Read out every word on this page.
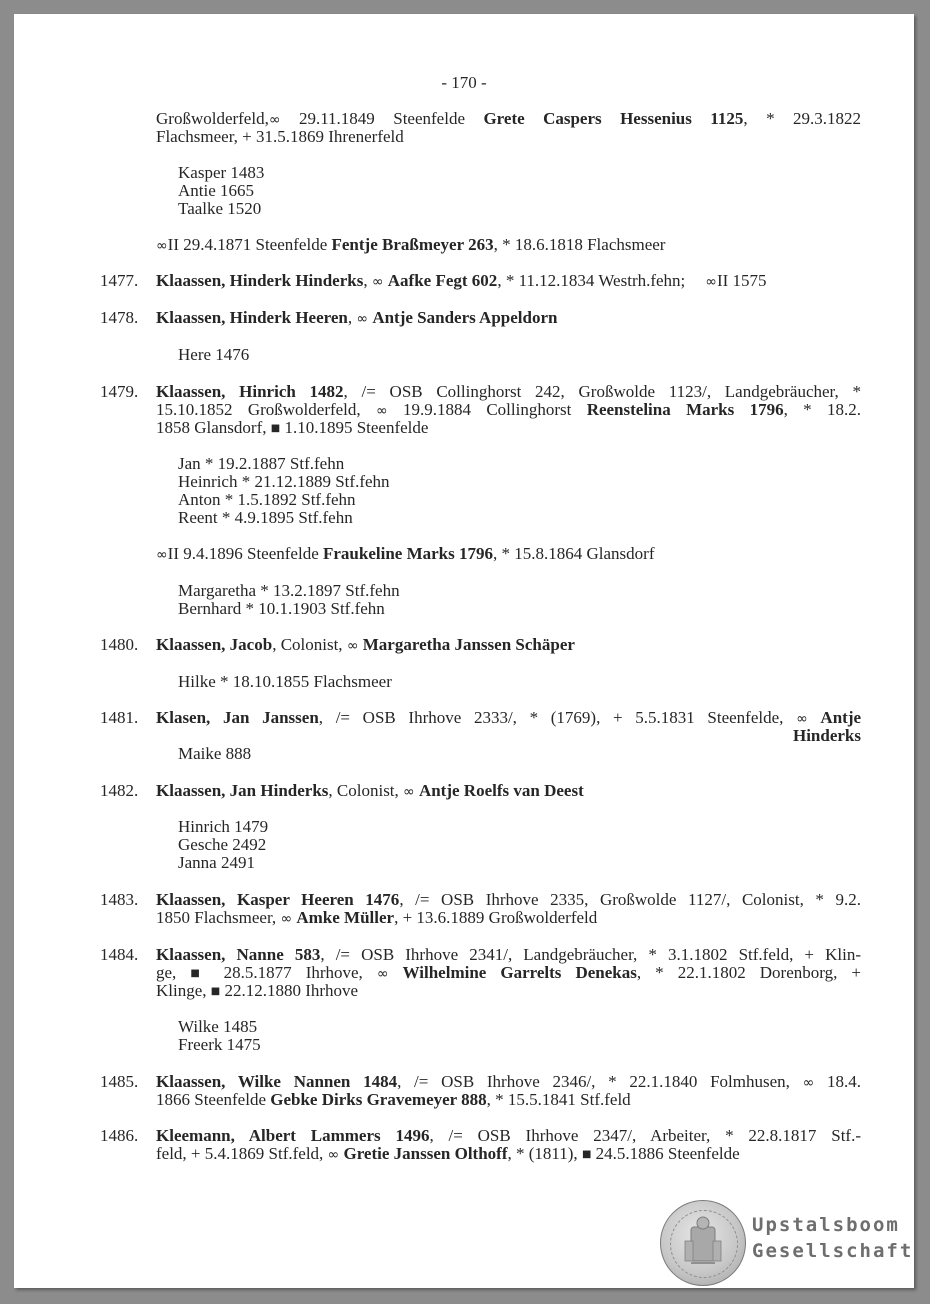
- 170 -
Großwolderfeld,∞ 29.11.1849 Steenfelde Grete Caspers Hessenius 1125, * 29.3.1822
Flachsmeer, + 31.5.1869 Ihrenerfeld
Kasper 1483
Antie 1665
Taalke 1520
∞II 29.4.1871 Steenfelde Fentje Braßmeyer 263, * 18.6.1818 Flachsmeer
1477. Klaassen, Hinderk Hinderks, ∞ Aafke Fegt 602, * 11.12.1834 Westrh.fehn; ∞II 1575
1478. Klaassen, Hinderk Heeren, ∞ Antje Sanders Appeldorn
Here 1476
1479. Klaassen, Hinrich 1482, /= OSB Collinghorst 242, Großwolde 1123/, Landgebräucher, *
15.10.1852 Großwolderfeld, ∞ 19.9.1884 Collinghorst Reenstelina Marks 1796, * 18.2.
1858 Glansdorf, ■ 1.10.1895 Steenfelde
Jan * 19.2.1887 Stf.fehn
Heinrich * 21.12.1889 Stf.fehn
Anton * 1.5.1892 Stf.fehn
Reent * 4.9.1895 Stf.fehn
∞II 9.4.1896 Steenfelde Fraukeline Marks 1796, * 15.8.1864 Glansdorf
Margaretha * 13.2.1897 Stf.fehn
Bernhard * 10.1.1903 Stf.fehn
1480. Klaassen, Jacob, Colonist, ∞ Margaretha Janssen Schäper
Hilke * 18.10.1855 Flachsmeer
1481. Klasen, Jan Janssen, /= OSB Ihrhove 2333/, * (1769), + 5.5.1831 Steenfelde, ∞ Antje
Hinderks
Maike 888
1482. Klaassen, Jan Hinderks, Colonist, ∞ Antje Roelfs van Deest
Hinrich 1479
Gesche 2492
Janna 2491
1483. Klaassen, Kasper Heeren 1476, /= OSB Ihrhove 2335, Großwolde 1127/, Colonist, * 9.2.
1850 Flachsmeer, ∞ Amke Müller, + 13.6.1889 Großwolderfeld
1484. Klaassen, Nanne 583, /= OSB Ihrhove 2341/, Landgebräucher, * 3.1.1802 Stf.feld, + Klin-
ge, ■ 28.5.1877 Ihrhove, ∞ Wilhelmine Garrelts Denekas, * 22.1.1802 Dorenborg, +
Klinge, ■ 22.12.1880 Ihrhove
Wilke 1485
Freerk 1475
1485. Klaassen, Wilke Nannen 1484, /= OSB Ihrhove 2346/, * 22.1.1840 Folmhusen, ∞ 18.4.
1866 Steenfelde Gebke Dirks Gravemeyer 888, * 15.5.1841 Stf.feld
1486. Kleemann, Albert Lammers 1496, /= OSB Ihrhove 2347/, Arbeiter, * 22.8.1817 Stf.-
feld, + 5.4.1869 Stf.feld, ∞ Gretie Janssen Olthoff, * (1811), ■ 24.5.1886 Steenfelde
Upstalsboom
Gesellschaft
